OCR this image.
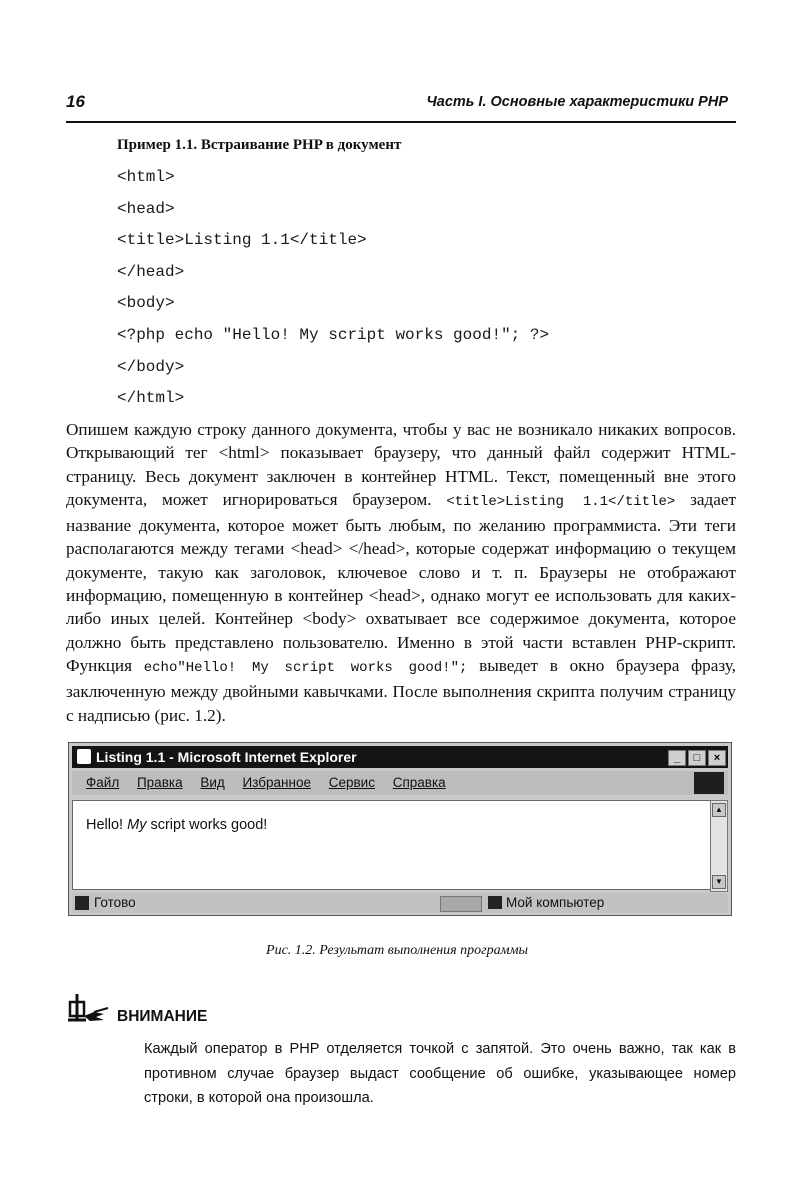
16	Часть I. Основные характеристики PHP
Пример 1.1. Встраивание PHP в документ
<html>
<head>
<title>Listing 1.1</title>
</head>
<body>
<?php echo "Hello! My script works good!"; ?>
</body>
</html>

Опишем каждую строку данного документа, чтобы у вас не возникало никаких вопросов. Открывающий тег <html> показывает браузеру, что данный файл содержит HTML-страницу. Весь документ заключен в контейнер HTML. Текст, помещенный вне этого документа, может игнорироваться браузером. <title>Listing 1.1</title> задает название документа, которое может быть любым, по желанию программиста. Эти теги располагаются между тегами <head> </head>, которые содержат информацию о текущем документе, такую как заголовок, ключевое слово и т. п. Браузеры не отображают информацию, помещенную в контейнер <head>, однако могут ее использовать для каких-либо иных целей. Контейнер <body> охватывает все содержимое документа, которое должно быть представлено пользователю. Именно в этой части вставлен PHP-скрипт. Функция echo"Hello! My script works good!"; выведет в окно браузера фразу, заключенную между двойными кавычками. После выполнения скрипта получим страницу с надписью (рис. 1.2).

Listing 1.1 - Microsoft Internet Explorer	_ □ ×
Файл Правка Вид Избранное Сервис Справка
Hello! My script works good!
▲
▼
Готово	Мой компьютер
Рис. 1.2. Результат выполнения программы
ВНИМАНИЕ

Каждый оператор в PHP отделяется точкой с запятой. Это очень важно, так как в противном случае браузер выдаст сообщение об ошибке, указывающее номер строки, в которой она произошла.
